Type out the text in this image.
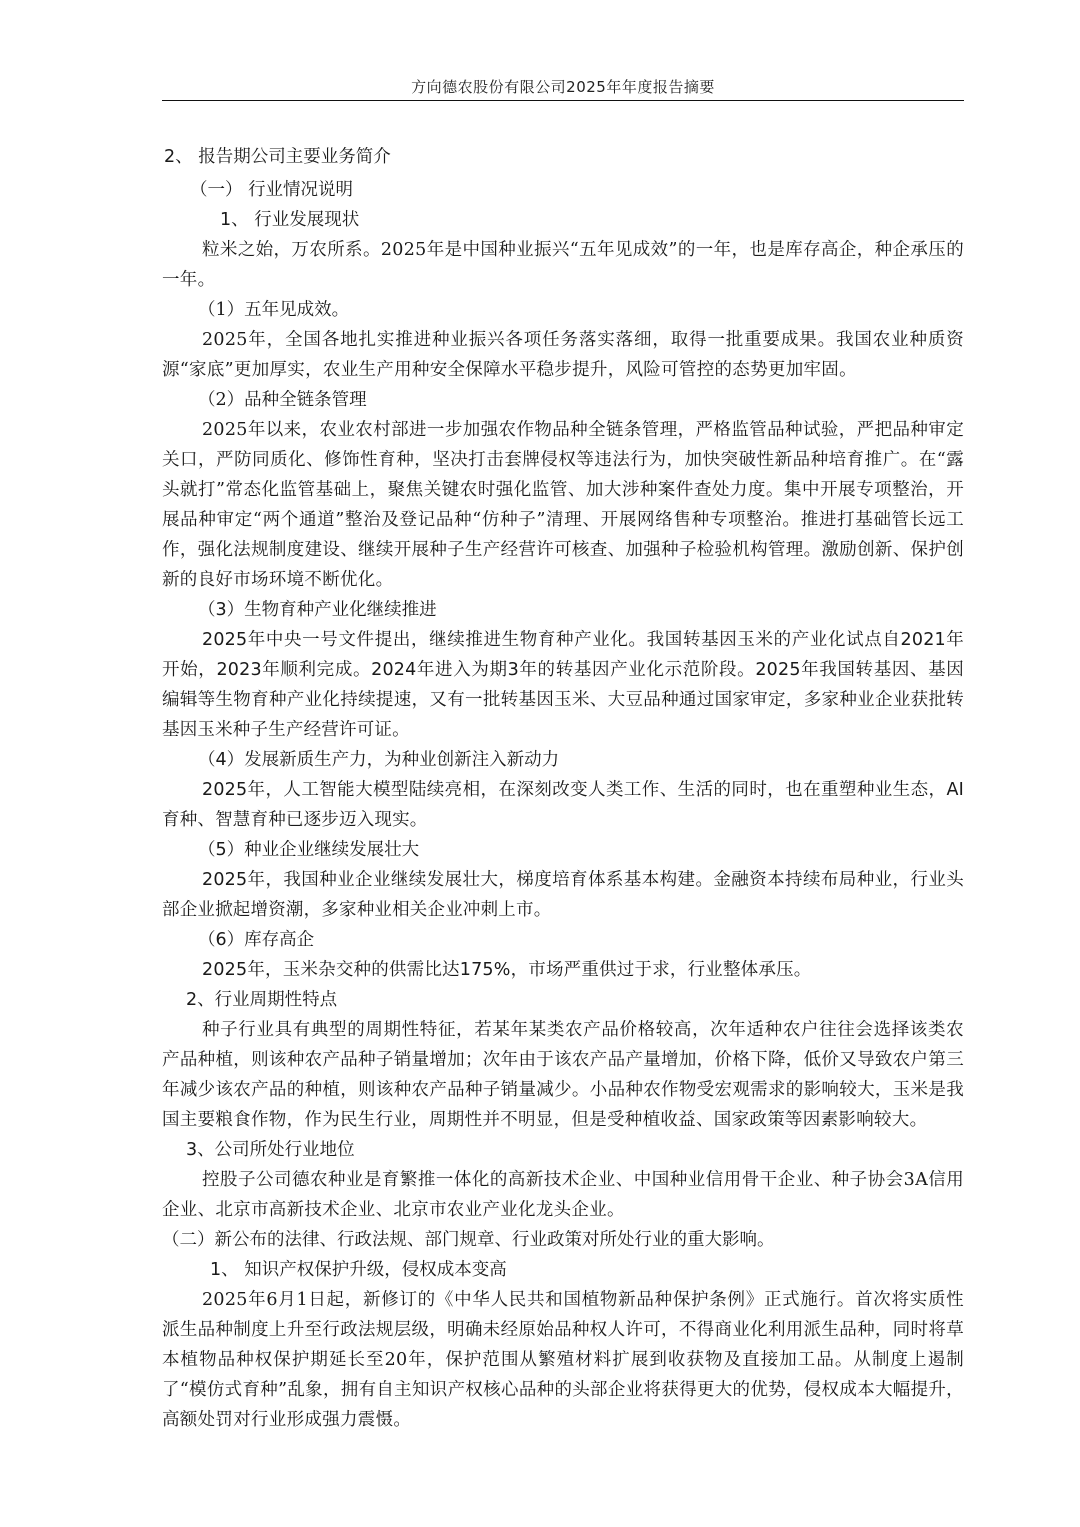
方向德农股份有限公司2025年年度报告摘要

2、 报告期公司主要业务简介

（一） 行业情况说明

1、 行业发展现状

粒米之始，万农所系。2025年是中国种业振兴“五年见成效”的一年，也是库存高企，种企承压的一年。

（1）五年见成效。

2025年，全国各地扎实推进种业振兴各项任务落实落细，取得一批重要成果。我国农业种质资源“家底”更加厚实，农业生产用种安全保障水平稳步提升，风险可管控的态势更加牢固。

（2）品种全链条管理

2025年以来，农业农村部进一步加强农作物品种全链条管理，严格监管品种试验，严把品种审定关口，严防同质化、修饰性育种，坚决打击套牌侵权等违法行为，加快突破性新品种培育推广。在“露头就打”常态化监管基础上，聚焦关键农时强化监管、加大涉种案件查处力度。集中开展专项整治，开展品种审定“两个通道”整治及登记品种“仿种子”清理、开展网络售种专项整治。推进打基础管长远工作，强化法规制度建设、继续开展种子生产经营许可核查、加强种子检验机构管理。激励创新、保护创新的良好市场环境不断优化。

（3）生物育种产业化继续推进

2025年中央一号文件提出，继续推进生物育种产业化。我国转基因玉米的产业化试点自2021年开始，2023年顺利完成。2024年进入为期3年的转基因产业化示范阶段。2025年我国转基因、基因编辑等生物育种产业化持续提速，又有一批转基因玉米、大豆品种通过国家审定，多家种业企业获批转基因玉米种子生产经营许可证。

（4）发展新质生产力，为种业创新注入新动力

2025年，人工智能大模型陆续亮相，在深刻改变人类工作、生活的同时，也在重塑种业生态，AI育种、智慧育种已逐步迈入现实。

（5）种业企业继续发展壮大

2025年，我国种业企业继续发展壮大，梯度培育体系基本构建。金融资本持续布局种业，行业头部企业掀起增资潮，多家种业相关企业冲刺上市。

（6）库存高企

2025年，玉米杂交种的供需比达175%，市场严重供过于求，行业整体承压。

2、行业周期性特点

种子行业具有典型的周期性特征，若某年某类农产品价格较高，次年适种农户往往会选择该类农产品种植，则该种农产品种子销量增加；次年由于该农产品产量增加，价格下降，低价又导致农户第三年减少该农产品的种植，则该种农产品种子销量减少。小品种农作物受宏观需求的影响较大，玉米是我国主要粮食作物，作为民生行业，周期性并不明显，但是受种植收益、国家政策等因素影响较大。

3、公司所处行业地位

控股子公司德农种业是育繁推一体化的高新技术企业、中国种业信用骨干企业、种子协会3A信用企业、北京市高新技术企业、北京市农业产业化龙头企业。

（二）新公布的法律、行政法规、部门规章、行业政策对所处行业的重大影响。

1、 知识产权保护升级，侵权成本变高

2025年6月1日起，新修订的《中华人民共和国植物新品种保护条例》正式施行。首次将实质性派生品种制度上升至行政法规层级，明确未经原始品种权人许可，不得商业化利用派生品种，同时将草本植物品种权保护期延长至20年，保护范围从繁殖材料扩展到收获物及直接加工品。从制度上遏制了“模仿式育种”乱象，拥有自主知识产权核心品种的头部企业将获得更大的优势，侵权成本大幅提升，高额处罚对行业形成强力震慑。
